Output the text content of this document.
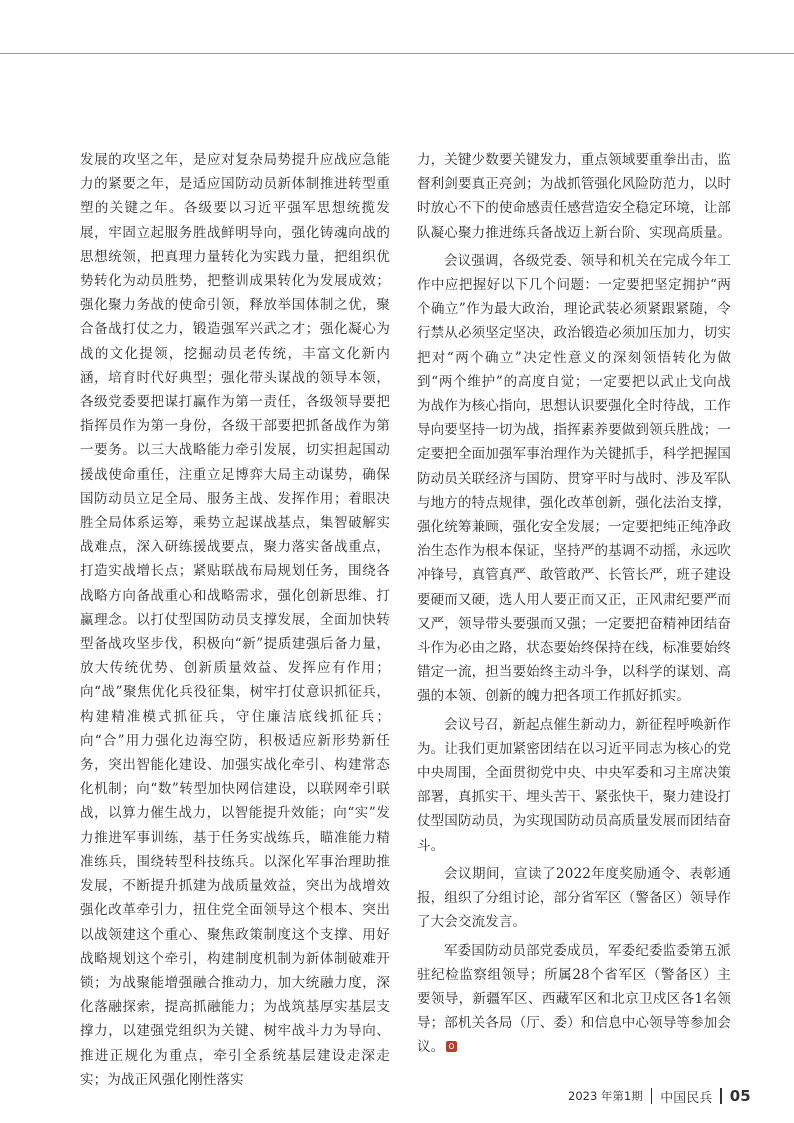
发展的攻坚之年，是应对复杂局势提升应战应急能力的紧要之年，是适应国防动员新体制推进转型重塑的关键之年。各级要以习近平强军思想统揽发展，牢固立起服务胜战鲜明导向，强化铸魂向战的思想统领，把真理力量转化为实践力量，把组织优势转化为动员胜势，把整训成果转化为发展成效；强化聚力务战的使命引领，释放举国体制之优，聚合备战打仗之力，锻造强军兴武之才；强化凝心为战的文化提领，挖掘动员老传统，丰富文化新内涵，培育时代好典型；强化带头谋战的领导本领，各级党委要把谋打赢作为第一责任，各级领导要把指挥员作为第一身份，各级干部要把抓备战作为第一要务。以三大战略能力牵引发展，切实担起国动援战使命重任，注重立足博弈大局主动谋势，确保国防动员立足全局、服务主战、发挥作用；着眼决胜全局体系运筹，乘势立起谋战基点，集智破解实战难点，深入研练援战要点，聚力落实备战重点，打造实战增长点；紧贴联战布局规划任务，围绕各战略方向备战重心和战略需求，强化创新思维、打赢理念。以打仗型国防动员支撑发展，全面加快转型备战攻坚步伐，积极向“新”提质建强后备力量，放大传统优势、创新质量效益、发挥应有作用；向“战”聚焦优化兵役征集，树牢打仗意识抓征兵，构建精准模式抓征兵，守住廉洁底线抓征兵；向“合”用力强化边海空防，积极适应新形势新任务，突出智能化建设、加强实战化牵引、构建常态化机制；向“数”转型加快网信建设，以联网牵引联战，以算力催生战力，以智能提升效能；向“实”发力推进军事训练，基于任务实战练兵，瞄准能力精准练兵，围绕转型科技练兵。以深化军事治理助推发展，不断提升抓建为战质量效益，突出为战增效强化改革牵引力，扭住党全面领导这个根本、突出以战领建这个重心、聚焦政策制度这个支撑、用好战略规划这个牵引，构建制度机制为新体制破难开锁；为战聚能增强融合推动力，加大统融力度，深化落融探索，提高抓融能力；为战筑基厚实基层支撑力，以建强党组织为关键、树牢战斗力为导向、推进正规化为重点，牵引全系统基层建设走深走实；为战正风强化刚性落实

力，关键少数要关键发力，重点领域要重拳出击，监督利剑要真正亮剑；为战抓管强化风险防范力，以时时放心不下的使命感责任感营造安全稳定环境，让部队凝心聚力推进练兵备战迈上新台阶、实现高质量。

会议强调，各级党委、领导和机关在完成今年工作中应把握好以下几个问题：一定要把坚定拥护“两个确立”作为最大政治，理论武装必须紧跟紧随，令行禁从必须坚定坚决，政治锻造必须加压加力，切实把对“两个确立”决定性意义的深刻领悟转化为做到“两个维护”的高度自觉；一定要把以武止戈向战为战作为核心指向，思想认识要强化全时待战，工作导向要坚持一切为战，指挥素养要做到领兵胜战；一定要把全面加强军事治理作为关键抓手，科学把握国防动员关联经济与国防、贯穿平时与战时、涉及军队与地方的特点规律，强化改革创新，强化法治支撑，强化统筹兼顾，强化安全发展；一定要把纯正纯净政治生态作为根本保证，坚持严的基调不动摇，永远吹冲锋号，真管真严、敢管敢严、长管长严，班子建设要硬而又硬，选人用人要正而又正，正风肃纪要严而又严，领导带头要强而又强；一定要把奋精神团结奋斗作为必由之路，状态要始终保持在线，标准要始终错定一流，担当要始终主动斗争，以科学的谋划、高强的本领、创新的魄力把各项工作抓好抓实。

会议号召，新起点催生新动力，新征程呼唤新作为。让我们更加紧密团结在以习近平同志为核心的党中央周围，全面贯彻党中央、中央军委和习主席决策部署，真抓实干、埋头苦干、紧张快干，聚力建设打仗型国防动员，为实现国防动员高质量发展而团结奋斗。

会议期间，宣读了2022年度奖励通令、表彰通报，组织了分组讨论，部分省军区（警备区）领导作了大会交流发言。

军委国防动员部党委成员，军委纪委监委第五派驻纪检监察组领导；所属28个省军区（警备区）主要领导，新疆军区、西藏军区和北京卫戍区各1名领导；部机关各局（厅、委）和信息中心领导等参加会议。

2023 年第1期 中国民兵 05
